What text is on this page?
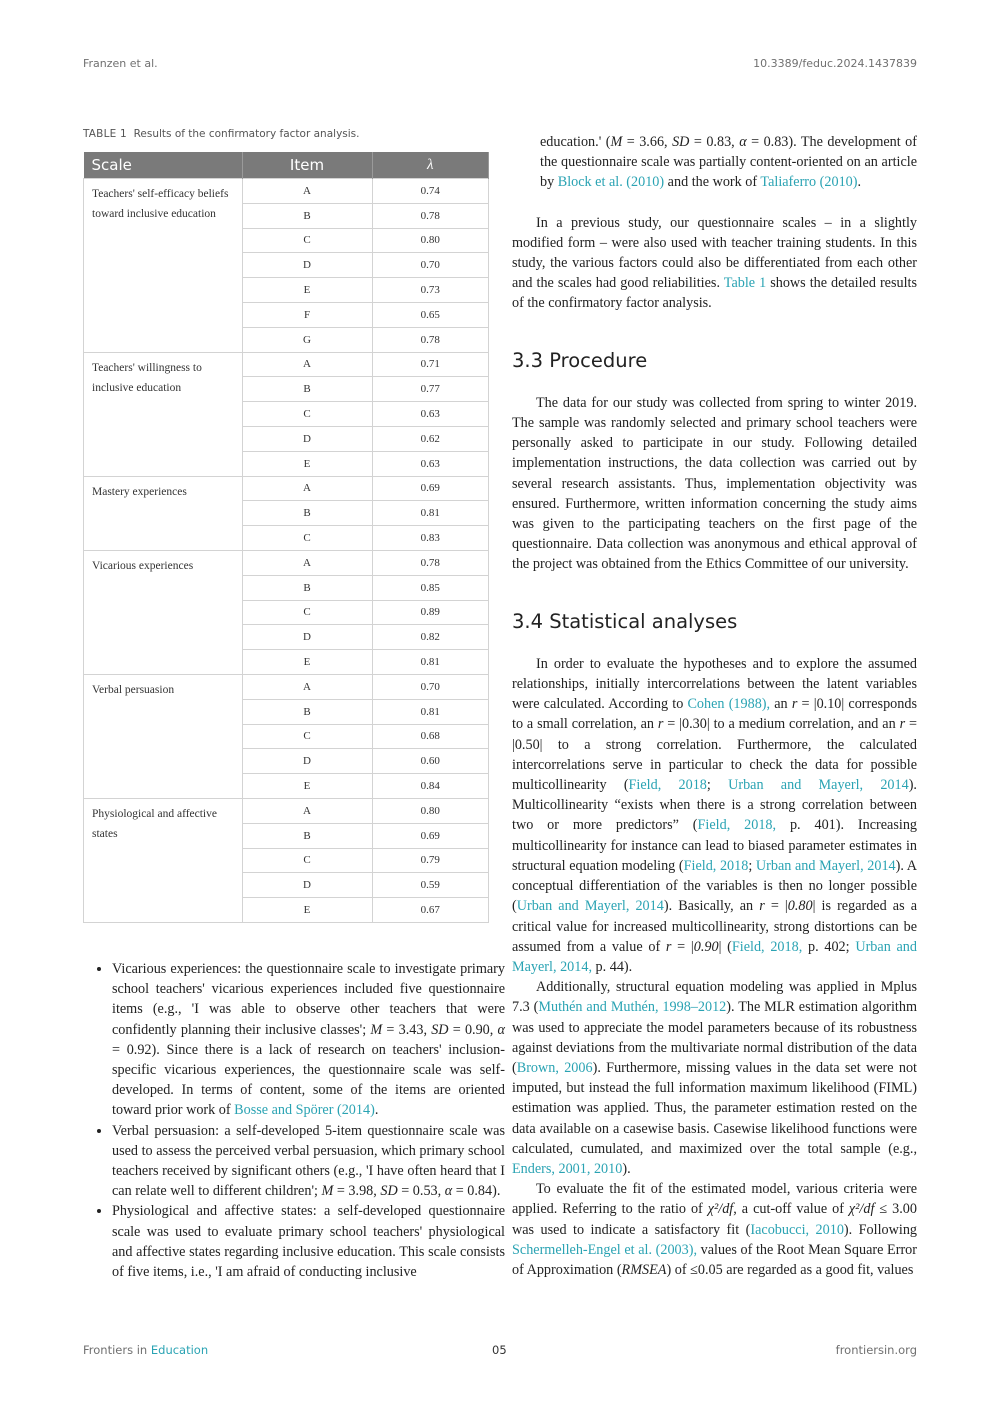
Franzen et al.	10.3389/feduc.2024.1437839
TABLE 1 Results of the confirmatory factor analysis.
Scale	Item	λ
Teachers' self-efficacy beliefs toward inclusive education	A	0.74
	B	0.78
	C	0.80
	D	0.70
	E	0.73
	F	0.65
	G	0.78
Teachers' willingness to inclusive education	A	0.71
	B	0.77
	C	0.63
	D	0.62
	E	0.63
Mastery experiences	A	0.69
	B	0.81
	C	0.83
Vicarious experiences	A	0.78
	B	0.85
	C	0.89
	D	0.82
	E	0.81
Verbal persuasion	A	0.70
	B	0.81
	C	0.68
	D	0.60
	E	0.84
Physiological and affective states	A	0.80
	B	0.69
	C	0.79
	D	0.59
	E	0.67
• Vicarious experiences: the questionnaire scale to investigate primary school teachers' vicarious experiences included five questionnaire items (e.g., 'I was able to observe other teachers that were confidently planning their inclusive classes'; M = 3.43, SD = 0.90, α = 0.92). Since there is a lack of research on teachers' inclusion-specific vicarious experiences, the questionnaire scale was self-developed. In terms of content, some of the items are oriented toward prior work of Bosse and Spörer (2014).
• Verbal persuasion: a self-developed 5-item questionnaire scale was used to assess the perceived verbal persuasion, which primary school teachers received by significant others (e.g., 'I have often heard that I can relate well to different children'; M = 3.98, SD = 0.53, α = 0.84).
• Physiological and affective states: a self-developed questionnaire scale was used to evaluate primary school teachers' physiological and affective states regarding inclusive education. This scale consists of five items, i.e., 'I am afraid of conducting inclusive

education.' (M = 3.66, SD = 0.83, α = 0.83). The development of the questionnaire scale was partially content-oriented on an article by Block et al. (2010) and the work of Taliaferro (2010).

In a previous study, our questionnaire scales – in a slightly modified form – were also used with teacher training students. In this study, the various factors could also be differentiated from each other and the scales had good reliabilities. Table 1 shows the detailed results of the confirmatory factor analysis.

3.3 Procedure

The data for our study was collected from spring to winter 2019. The sample was randomly selected and primary school teachers were personally asked to participate in our study. Following detailed implementation instructions, the data collection was carried out by several research assistants. Thus, implementation objectivity was ensured. Furthermore, written information concerning the study aims was given to the participating teachers on the first page of the questionnaire. Data collection was anonymous and ethical approval of the project was obtained from the Ethics Committee of our university.

3.4 Statistical analyses

In order to evaluate the hypotheses and to explore the assumed relationships, initially intercorrelations between the latent variables were calculated. According to Cohen (1988), an r = |0.10| corresponds to a small correlation, an r = |0.30| to a medium correlation, and an r = |0.50| to a strong correlation. Furthermore, the calculated intercorrelations serve in particular to check the data for possible multicollinearity (Field, 2018; Urban and Mayerl, 2014). Multicollinearity “exists when there is a strong correlation between two or more predictors” (Field, 2018, p. 401). Increasing multicollinearity for instance can lead to biased parameter estimates in structural equation modeling (Field, 2018; Urban and Mayerl, 2014). A conceptual differentiation of the variables is then no longer possible (Urban and Mayerl, 2014). Basically, an r = |0.80| is regarded as a critical value for increased multicollinearity, strong distortions can be assumed from a value of r = |0.90| (Field, 2018, p. 402; Urban and Mayerl, 2014, p. 44).

Additionally, structural equation modeling was applied in Mplus 7.3 (Muthén and Muthén, 1998–2012). The MLR estimation algorithm was used to appreciate the model parameters because of its robustness against deviations from the multivariate normal distribution of the data (Brown, 2006). Furthermore, missing values in the data set were not imputed, but instead the full information maximum likelihood (FIML) estimation was applied. Thus, the parameter estimation rested on the data available on a casewise basis. Casewise likelihood functions were calculated, cumulated, and maximized over the total sample (e.g., Enders, 2001, 2010).

To evaluate the fit of the estimated model, various criteria were applied. Referring to the ratio of χ²/df, a cut-off value of χ²/df ≤ 3.00 was used to indicate a satisfactory fit (Iacobucci, 2010). Following Schermelleh-Engel et al. (2003), values of the Root Mean Square Error of Approximation (RMSEA) of ≤0.05 are regarded as a good fit, values

Frontiers in Education	05	frontiersin.org
